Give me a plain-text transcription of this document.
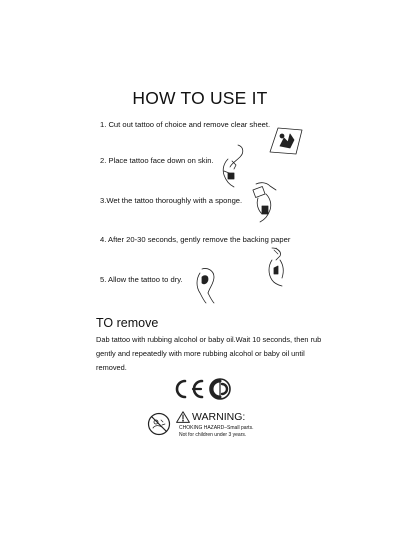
HOW TO USE IT
1. Cut out tattoo of choice and remove clear sheet.
2. Place tattoo face down on skin.
3.Wet the tattoo thoroughly with a sponge.
4. After 20-30 seconds, gently remove the backing paper
5. Allow the tattoo to dry.
TO remove
Dab tattoo with rubbing alcohol or baby oil.Wait 10 seconds, then rub gently and repeatedly with more rubbing alcohol or baby oil until removed.
WARNING:
CHOKING HAZARD–Small parts.
Not for children under 3 years.
